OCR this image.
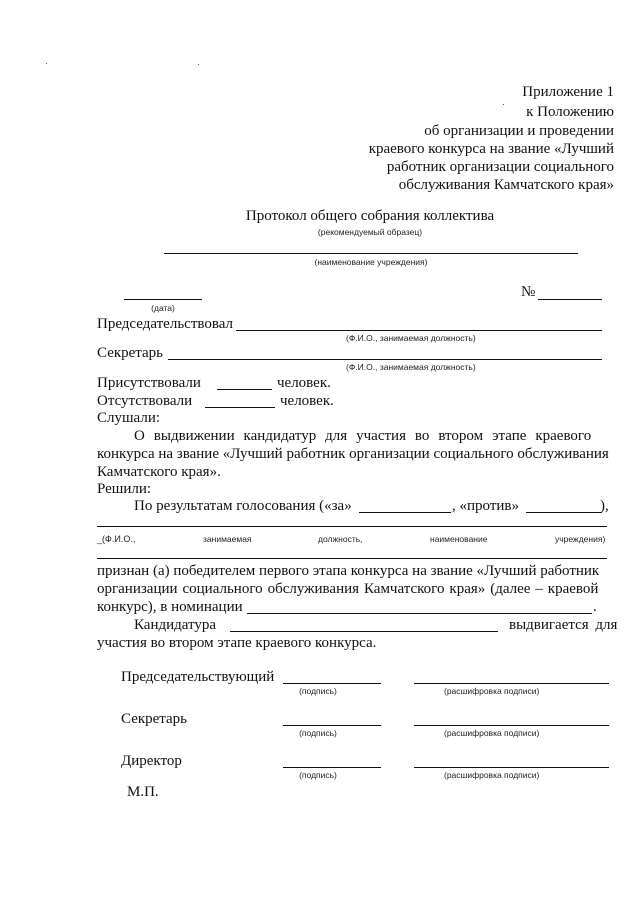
Приложение 1
к Положению
об организации и проведении
краевого конкурса на звание «Лучший
работник организации социального
обслуживания Камчатского края»
Протокол общего собрания коллектива
(рекомендуемый образец)
(наименование учреждения)
(дата)
№
Председательствовал
(Ф.И.О., занимаемая должность)
Секретарь
(Ф.И.О., занимаемая должность)
Присутствовали	человек.
Отсутствовали	человек.
Слушали:
О выдвижении кандидатур для участия во втором этапе краевого
конкурса на звание «Лучший работник организации социального обслуживания
Камчатского края».
Решили:
По результатам голосования («за»	, «против»	),
_(Ф.И.О.,	занимаемая	должность,	наименование	учреждения)
признан (а) победителем первого этапа конкурса на звание «Лучший работник
организации социального обслуживания Камчатского края» (далее – краевой
конкурс), в номинации	.
Кандидатура	выдвигается для
участия во втором этапе краевого конкурса.
Председательствующий
(подпись)	(расшифровка подписи)
Секретарь
(подпись)	(расшифровка подписи)
Директор
(подпись)	(расшифровка подписи)
М.П.
